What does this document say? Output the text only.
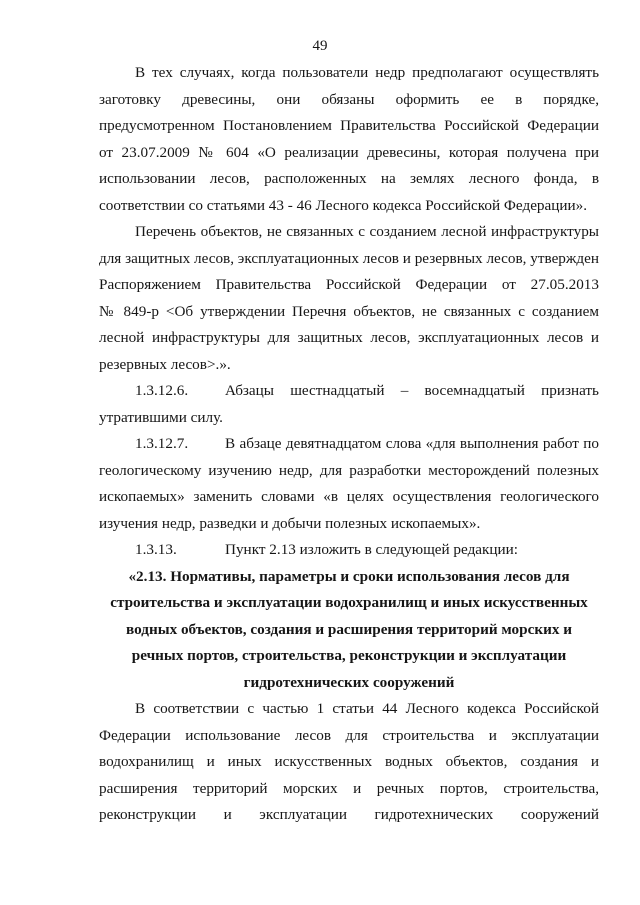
49

В тех случаях, когда пользователи недр предполагают осуществлять
заготовку древесины, они обязаны оформить ее в порядке,
предусмотренном Постановлением Правительства Российской Федерации
от 23.07.2009 № 604 «О реализации древесины, которая получена при
использовании лесов, расположенных на землях лесного фонда, в
соответствии со статьями 43 - 46 Лесного кодекса Российской Федерации».

Перечень объектов, не связанных с созданием лесной инфраструктуры
для защитных лесов, эксплуатационных лесов и резервных лесов, утвержден
Распоряжением Правительства Российской Федерации от 27.05.2013
№ 849-р <Об утверждении Перечня объектов, не связанных с созданием
лесной инфраструктуры для защитных лесов, эксплуатационных лесов и
резервных лесов>.».

1.3.12.6.	Абзацы шестнадцатый – восемнадцатый признать
утратившими силу.

1.3.12.7.	В абзаце девятнадцатом слова «для выполнения работ по
геологическому изучению недр, для разработки месторождений полезных
ископаемых» заменить словами «в целях осуществления геологического
изучения недр, разведки и добычи полезных ископаемых».

1.3.13.	Пункт 2.13 изложить в следующей редакции:

«2.13. Нормативы, параметры и сроки использования лесов для
строительства и эксплуатации водохранилищ и иных искусственных
водных объектов, создания и расширения территорий морских и
речных портов, строительства, реконструкции и эксплуатации
гидротехнических сооружений

В соответствии с частью 1 статьи 44 Лесного кодекса Российской
Федерации использование лесов для строительства и эксплуатации
водохранилищ и иных искусственных водных объектов, создания и
расширения территорий морских и речных портов, строительства,
реконструкции и эксплуатации гидротехнических сооружений
